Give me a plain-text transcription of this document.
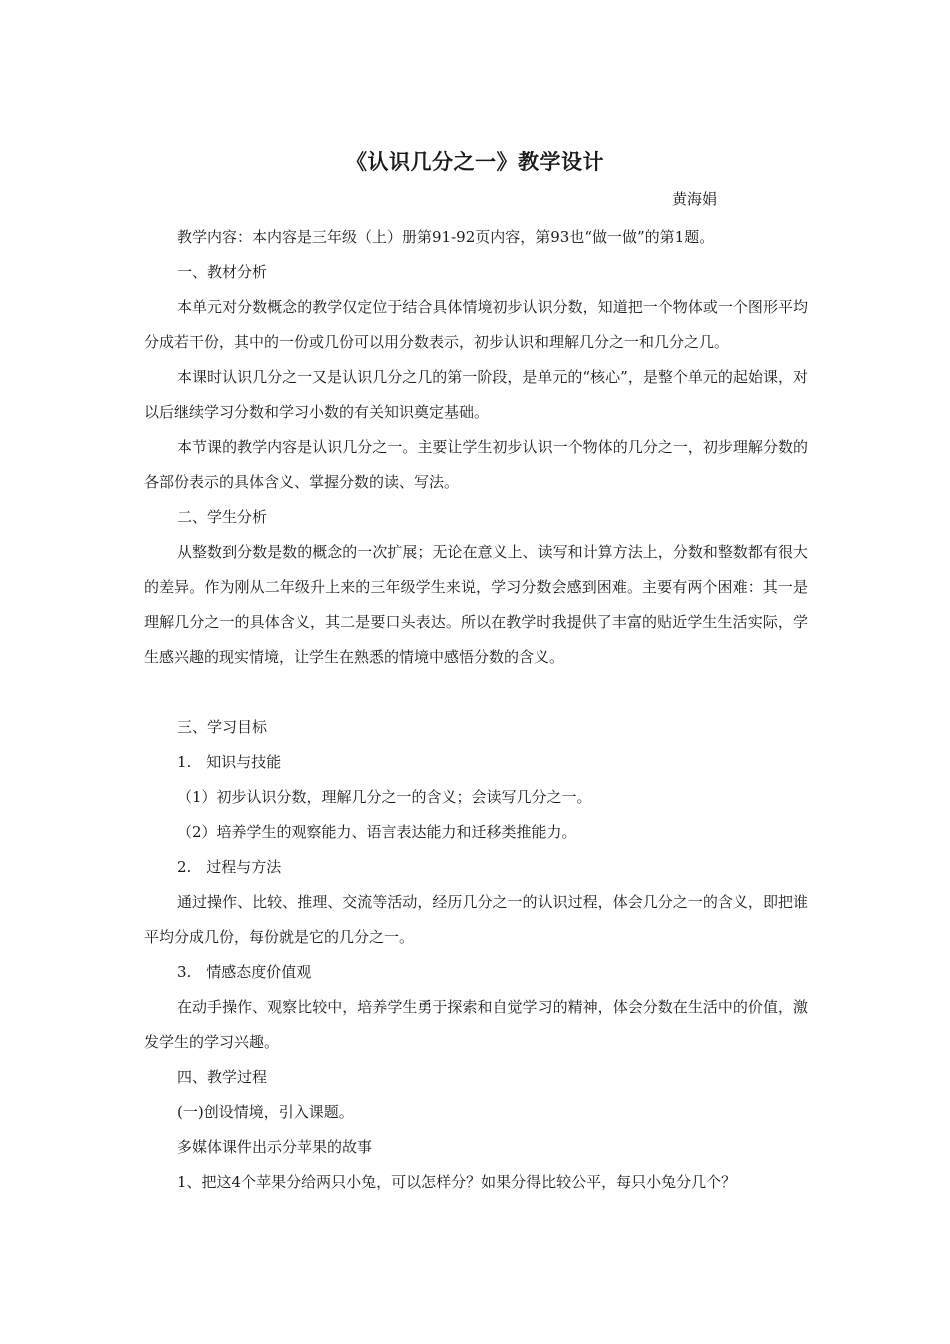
《认识几分之一》教学设计
黄海娟

教学内容：本内容是三年级（上）册第91-92页内容，第93也“做一做”的第1题。

一、教材分析

本单元对分数概念的教学仅定位于结合具体情境初步认识分数，知道把一个物体或一个图形平均分成若干份，其中的一份或几份可以用分数表示，初步认识和理解几分之一和几分之几。

本课时认识几分之一又是认识几分之几的第一阶段，是单元的“核心”，是整个单元的起始课，对以后继续学习分数和学习小数的有关知识奠定基础。

本节课的教学内容是认识几分之一。主要让学生初步认识一个物体的几分之一，初步理解分数的各部份表示的具体含义、掌握分数的读、写法。

二、学生分析

从整数到分数是数的概念的一次扩展；无论在意义上、读写和计算方法上，分数和整数都有很大的差异。作为刚从二年级升上来的三年级学生来说，学习分数会感到困难。主要有两个困难：其一是理解几分之一的具体含义，其二是要口头表达。所以在教学时我提供了丰富的贴近学生生活实际，学生感兴趣的现实情境，让学生在熟悉的情境中感悟分数的含义。

三、学习目标

1.　知识与技能

（1）初步认识分数，理解几分之一的含义；会读写几分之一。

（2）培养学生的观察能力、语言表达能力和迁移类推能力。

2.　过程与方法

通过操作、比较、推理、交流等活动，经历几分之一的认识过程，体会几分之一的含义，即把谁平均分成几份，每份就是它的几分之一。

3.　情感态度价值观

在动手操作、观察比较中，培养学生勇于探索和自觉学习的精神，体会分数在生活中的价值，激发学生的学习兴趣。

四、教学过程

(一)创设情境，引入课题。

多媒体课件出示分苹果的故事

1、把这4个苹果分给两只小兔，可以怎样分？如果分得比较公平，每只小兔分几个？
